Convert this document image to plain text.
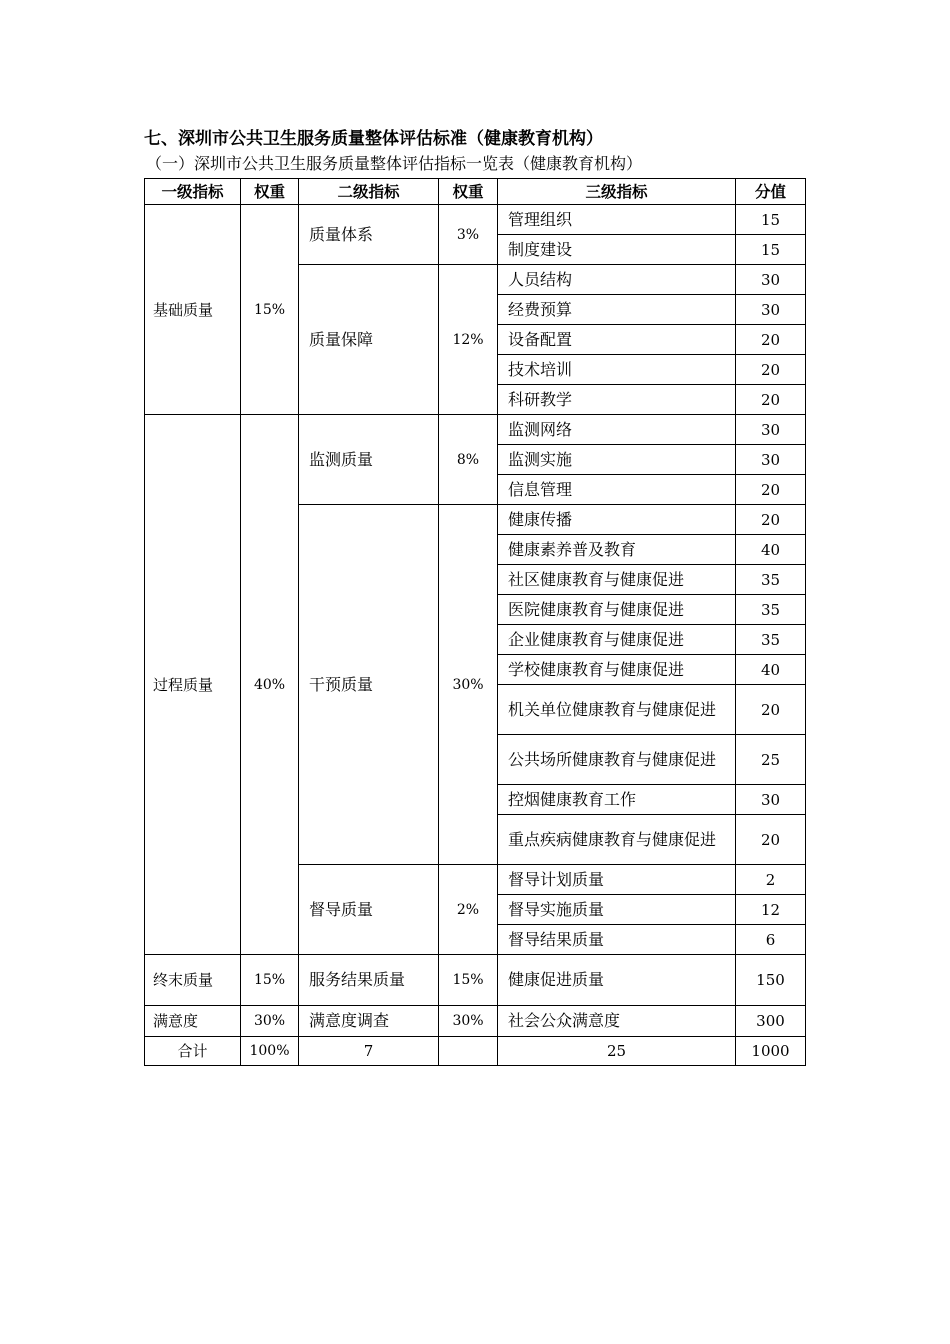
七、深圳市公共卫生服务质量整体评估标准（健康教育机构）
（一）深圳市公共卫生服务质量整体评估指标一览表（健康教育机构）
一级指标	权重	二级指标	权重	三级指标	分值
基础质量	15%	质量体系	3%	管理组织	15
				制度建设	15
		质量保障	12%	人员结构	30
				经费预算	30
				设备配置	20
				技术培训	20
				科研教学	20
过程质量	40%	监测质量	8%	监测网络	30
				监测实施	30
				信息管理	20
		干预质量	30%	健康传播	20
				健康素养普及教育	40
				社区健康教育与健康促进	35
				医院健康教育与健康促进	35
				企业健康教育与健康促进	35
				学校健康教育与健康促进	40
				机关单位健康教育与健康促进	20
				公共场所健康教育与健康促进	25
				控烟健康教育工作	30
				重点疾病健康教育与健康促进	20
		督导质量	2%	督导计划质量	2
				督导实施质量	12
				督导结果质量	6
终末质量	15%	服务结果质量	15%	健康促进质量	150
满意度	30%	满意度调查	30%	社会公众满意度	300
合计	100%	7		25	1000
